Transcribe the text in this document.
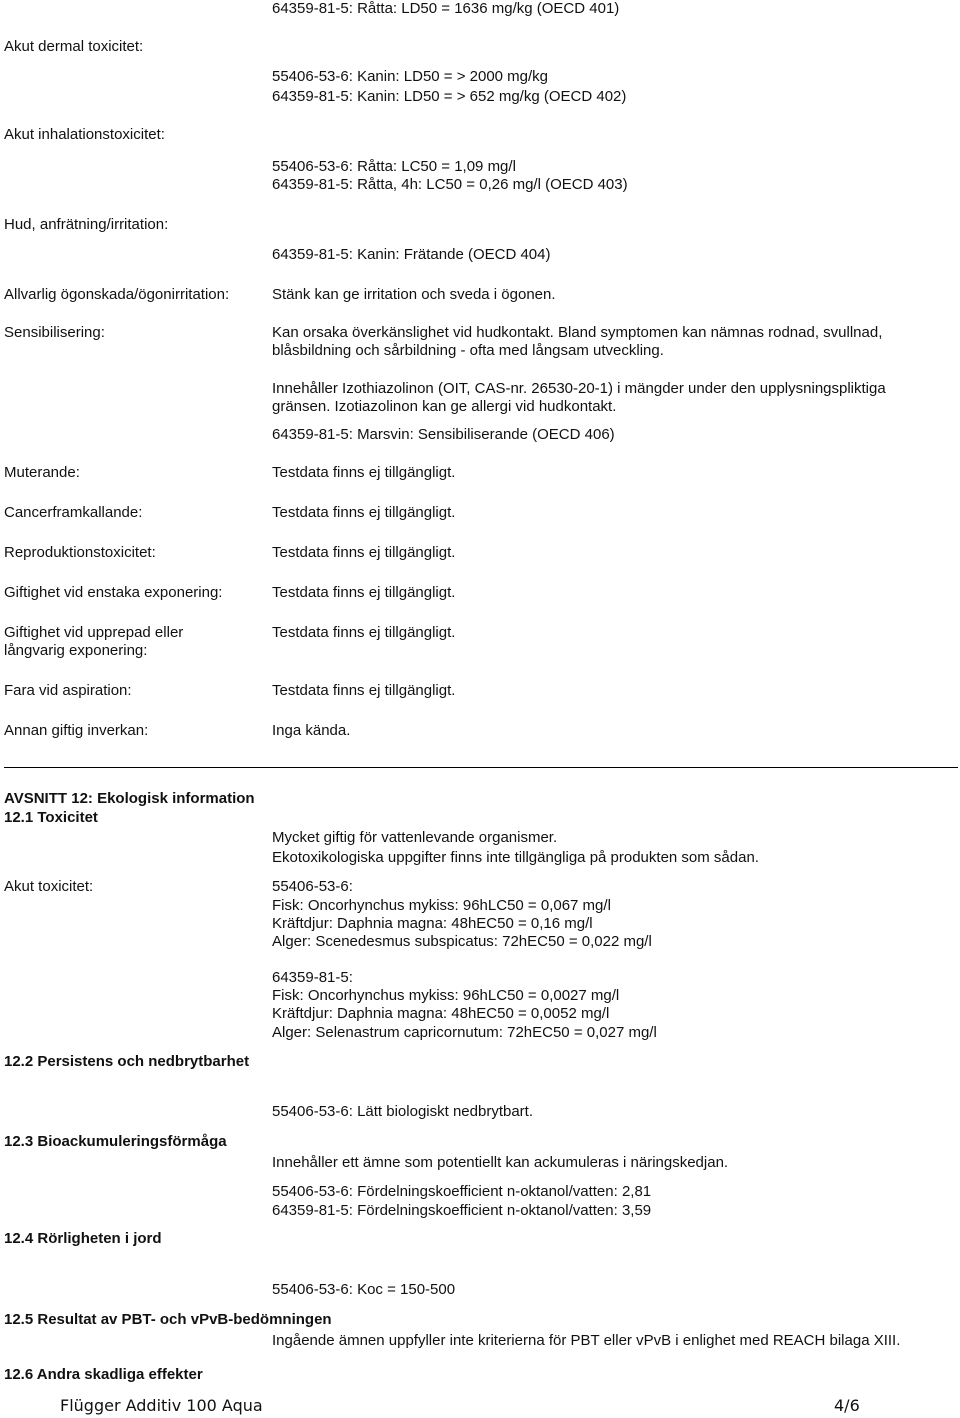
64359-81-5: Råtta: LD50 = 1636 mg/kg (OECD 401)
Akut dermal toxicitet:
55406-53-6: Kanin: LD50 = > 2000 mg/kg
64359-81-5: Kanin: LD50 = > 652 mg/kg (OECD 402)
Akut inhalationstoxicitet:
55406-53-6: Råtta: LC50 = 1,09 mg/l
64359-81-5: Råtta, 4h: LC50 = 0,26 mg/l (OECD 403)
Hud, anfrätning/irritation:
64359-81-5: Kanin: Frätande (OECD 404)
Allvarlig ögonskada/ögonirritation:	Stänk kan ge irritation och sveda i ögonen.
Sensibilisering:	Kan orsaka överkänslighet vid hudkontakt. Bland symptomen kan nämnas rodnad, svullnad,
blåsbildning och sårbildning - ofta med långsam utveckling.
Innehåller Izothiazolinon (OIT, CAS-nr. 26530-20-1) i mängder under den upplysningspliktiga
gränsen. Izotiazolinon kan ge allergi vid hudkontakt.
64359-81-5: Marsvin: Sensibiliserande (OECD 406)
Muterande:	Testdata finns ej tillgängligt.
Cancerframkallande:	Testdata finns ej tillgängligt.
Reproduktionstoxicitet:	Testdata finns ej tillgängligt.
Giftighet vid enstaka exponering:	Testdata finns ej tillgängligt.
Giftighet vid upprepad eller
långvarig exponering:
Testdata finns ej tillgängligt.
Fara vid aspiration:	Testdata finns ej tillgängligt.
Annan giftig inverkan:	Inga kända.
AVSNITT 12: Ekologisk information
12.1 Toxicitet
Mycket giftig för vattenlevande organismer.
Ekotoxikologiska uppgifter finns inte tillgängliga på produkten som sådan.
Akut toxicitet:	55406-53-6:
Fisk: Oncorhynchus mykiss: 96hLC50 = 0,067 mg/l
Kräftdjur: Daphnia magna: 48hEC50 = 0,16 mg/l
Alger: Scenedesmus subspicatus: 72hEC50 = 0,022 mg/l
64359-81-5:
Fisk: Oncorhynchus mykiss: 96hLC50 = 0,0027 mg/l
Kräftdjur: Daphnia magna: 48hEC50 = 0,0052 mg/l
Alger: Selenastrum capricornutum: 72hEC50 = 0,027 mg/l
12.2 Persistens och nedbrytbarhet
55406-53-6: Lätt biologiskt nedbrytbart.
12.3 Bioackumuleringsförmåga
Innehåller ett ämne som potentiellt kan ackumuleras i näringskedjan.
55406-53-6: Fördelningskoefficient n-oktanol/vatten: 2,81
64359-81-5: Fördelningskoefficient n-oktanol/vatten: 3,59
12.4 Rörligheten i jord
55406-53-6: Koc = 150-500
12.5 Resultat av PBT- och vPvB-bedömningen
Ingående ämnen uppfyller inte kriterierna för PBT eller vPvB i enlighet med REACH bilaga XIII.
12.6 Andra skadliga effekter
Flügger Additiv 100 Aqua	4/6
